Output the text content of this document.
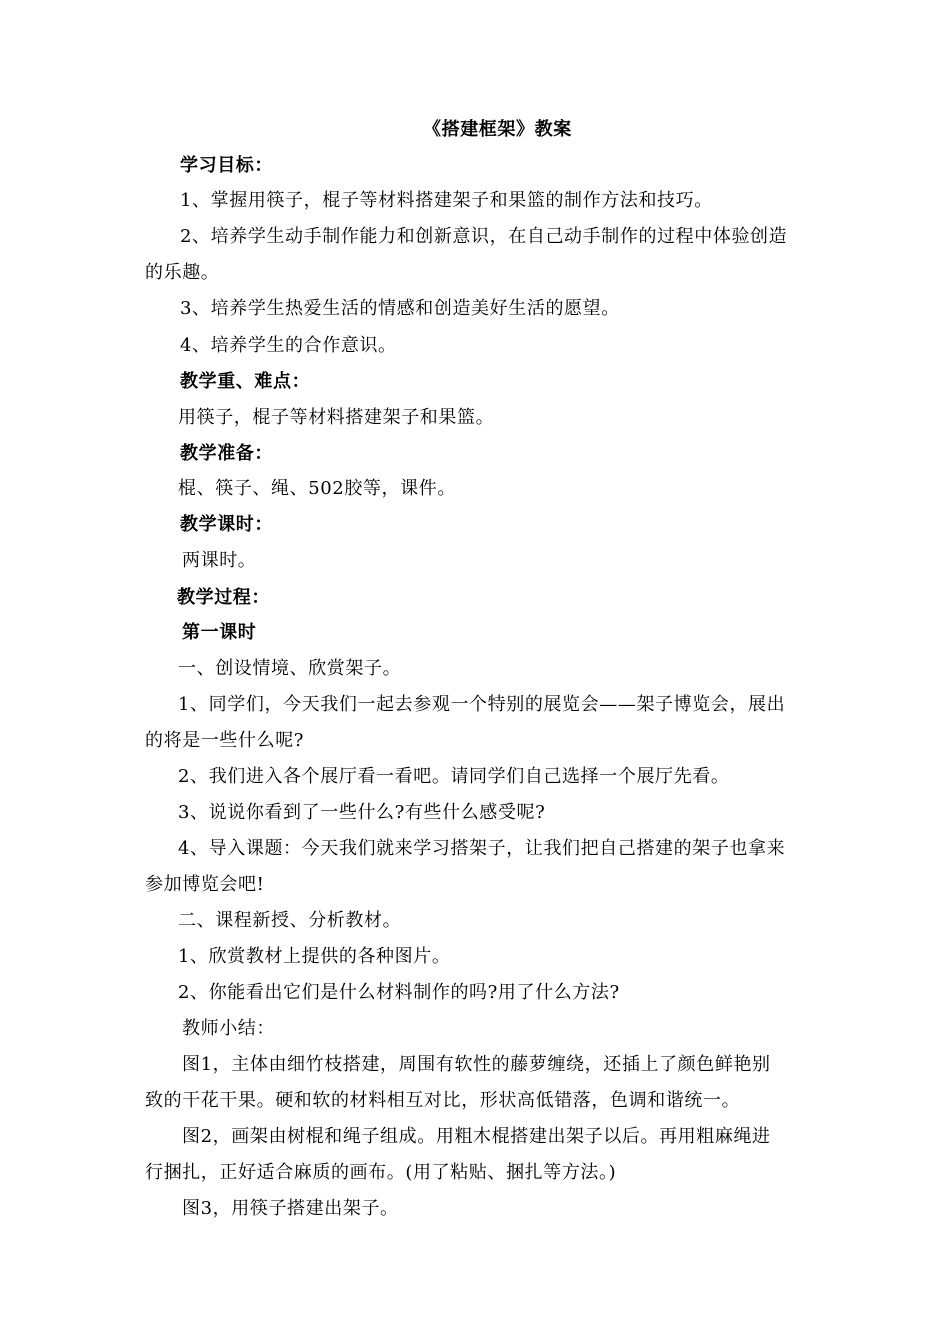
《搭建框架》教案
学习目标：
1、掌握用筷子，棍子等材料搭建架子和果篮的制作方法和技巧。
2、培养学生动手制作能力和创新意识，在自己动手制作的过程中体验创造
的乐趣。
3、培养学生热爱生活的情感和创造美好生活的愿望。
4、培养学生的合作意识。
教学重、难点：
用筷子，棍子等材料搭建架子和果篮。
教学准备：
棍、筷子、绳、502胶等，课件。
教学课时：
两课时。
教学过程：
第一课时
一、创设情境、欣赏架子。
1、同学们，今天我们一起去参观一个特别的展览会——架子博览会，展出
的将是一些什么呢?
2、我们进入各个展厅看一看吧。请同学们自己选择一个展厅先看。
3、说说你看到了一些什么?有些什么感受呢?
4、导入课题：今天我们就来学习搭架子，让我们把自己搭建的架子也拿来
参加博览会吧!
二、课程新授、分析教材。
1、欣赏教材上提供的各种图片。
2、你能看出它们是什么材料制作的吗?用了什么方法?
教师小结：
图1，主体由细竹枝搭建，周围有软性的藤萝缠绕，还插上了颜色鲜艳别
致的干花干果。硬和软的材料相互对比，形状高低错落，色调和谐统一。
图2，画架由树棍和绳子组成。用粗木棍搭建出架子以后。再用粗麻绳进
行捆扎，正好适合麻质的画布。(用了粘贴、捆扎等方法。)
图3，用筷子搭建出架子。
